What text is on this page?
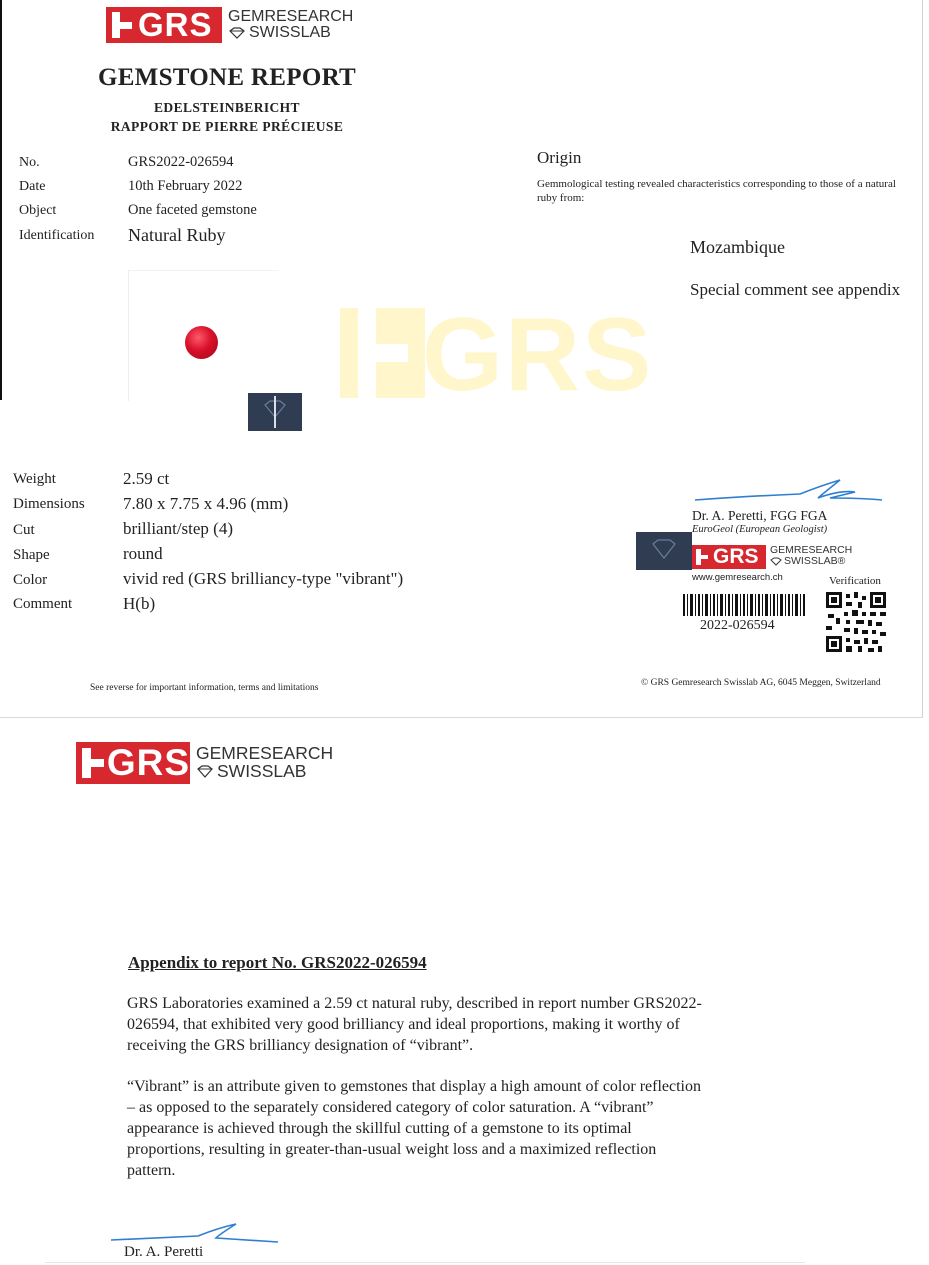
GRS
GRS GEMRESEARCH
SWISSLAB
GEMSTONE REPORT
EDELSTEINBERICHT
RAPPORT DE PIERRE PRÉCIEUSE
No.	GRS2022-026594
Date	10th February 2022
Object	One faceted gemstone
Identification Natural Ruby
Weight	2.59 ct
Dimensions 7.80 x 7.75 x 4.96 (mm)
Cut	brilliant/step (4)
Shape	round
Color	vivid red (GRS brilliancy-type "vibrant")
Comment	H(b)
See reverse for important information, terms and limitations
Origin
Gemmological testing revealed characteristics corresponding to those of a natural ruby from:
Mozambique
Special comment see appendix
Dr. A. Peretti, FGG FGA
EuroGeol (European Geologist)
GRS GEMRESEARCH
SWISSLAB®
www.gemresearch.ch	Verification
2022-026594
© GRS Gemresearch Swisslab AG, 6045 Meggen, Switzerland
GRS GEMRESEARCH
SWISSLAB
Appendix to report No. GRS2022-026594
GRS Laboratories examined a 2.59 ct natural ruby, described in report number GRS2022-026594, that exhibited very good brilliancy and ideal proportions, making it worthy of receiving the GRS brilliancy designation of “vibrant”.
“Vibrant” is an attribute given to gemstones that display a high amount of color reflection – as opposed to the separately considered category of color saturation. A “vibrant” appearance is achieved through the skillful cutting of a gemstone to its optimal proportions, resulting in greater-than-usual weight loss and a maximized reflection pattern.
Dr. A. Peretti
